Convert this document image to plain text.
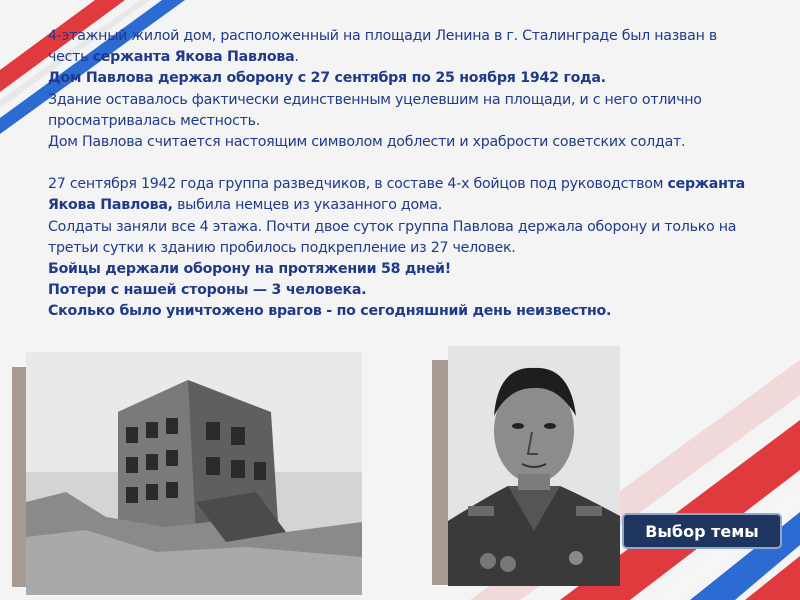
4-этажный жилой дом, расположенный на площади Ленина в г. Сталинграде был назван в честь сержанта Якова Павлова.

Дом Павлова держал оборону с 27 сентября по 25 ноября 1942 года.

Здание оставалось фактически единственным уцелевшим на площади, и с него отлично просматривалась местность.

Дом Павлова считается настоящим символом доблести и храбрости советских солдат.

27 сентября 1942 года группа разведчиков, в составе 4-х бойцов под руководством сержанта Якова Павлова, выбила немцев из указанного дома.

Солдаты заняли все 4 этажа. Почти двое суток группа Павлова держала оборону и только на третьи сутки к зданию пробилось подкрепление из 27 человек.

Бойцы держали оборону на протяжении 58 дней!

Потери с нашей стороны — 3 человека.

Сколько было уничтожено врагов - по сегодняшний день неизвестно.

Выбор темы
